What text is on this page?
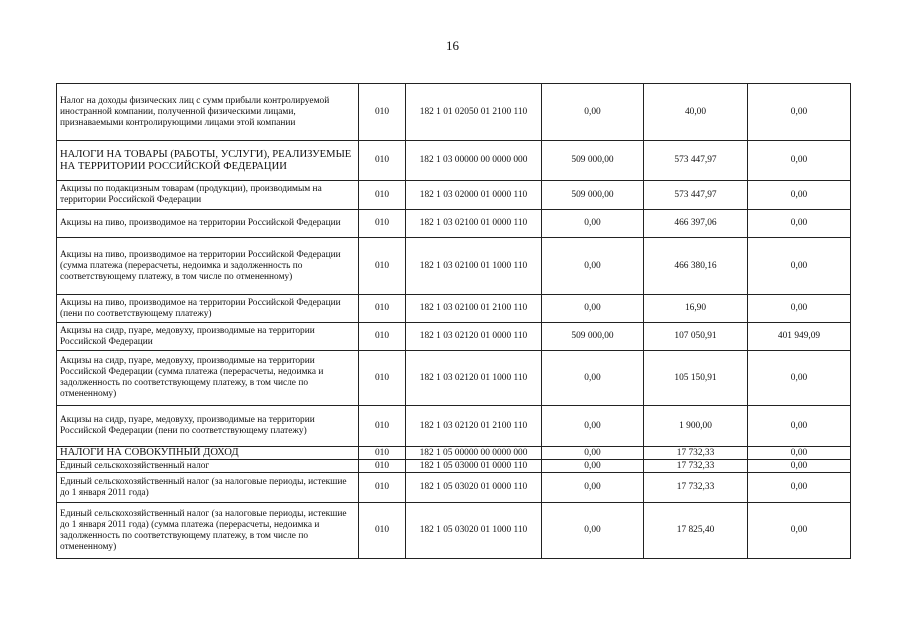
16
Налог на доходы физических лиц с сумм прибыли контролируемой иностранной компании, полученной физическими лицами, признаваемыми контролирующими лицами этой компании	010	182 1 01 02050 01 2100 110	0,00	40,00	0,00
НАЛОГИ НА ТОВАРЫ (РАБОТЫ, УСЛУГИ), РЕАЛИЗУЕМЫЕ НА ТЕРРИТОРИИ РОССИЙСКОЙ ФЕДЕРАЦИИ	010	182 1 03 00000 00 0000 000	509 000,00	573 447,97	0,00
Акцизы по подакцизным товарам (продукции), производимым на территории Российской Федерации	010	182 1 03 02000 01 0000 110	509 000,00	573 447,97	0,00
Акцизы на пиво, производимое на территории Российской Федерации	010	182 1 03 02100 01 0000 110	0,00	466 397,06	0,00
Акцизы на пиво, производимое на территории Российской Федерации (сумма платежа (перерасчеты, недоимка и задолженность по соответствующему платежу, в том числе по отмененному)	010	182 1 03 02100 01 1000 110	0,00	466 380,16	0,00
Акцизы на пиво, производимое на территории Российской Федерации (пени по соответствующему платежу)	010	182 1 03 02100 01 2100 110	0,00	16,90	0,00
Акцизы на сидр, пуаре, медовуху, производимые на территории Российской Федерации	010	182 1 03 02120 01 0000 110	509 000,00	107 050,91	401 949,09
Акцизы на сидр, пуаре, медовуху, производимые на территории Российской Федерации (сумма платежа (перерасчеты, недоимка и задолженность по соответствующему платежу, в том числе по отмененному)	010	182 1 03 02120 01 1000 110	0,00	105 150,91	0,00
Акцизы на сидр, пуаре, медовуху, производимые на территории Российской Федерации (пени по соответствующему платежу)	010	182 1 03 02120 01 2100 110	0,00	1 900,00	0,00
НАЛОГИ НА СОВОКУПНЫЙ ДОХОД	010	182 1 05 00000 00 0000 000	0,00	17 732,33	0,00
Единый сельскохозяйственный налог	010	182 1 05 03000 01 0000 110	0,00	17 732,33	0,00
Единый сельскохозяйственный налог (за налоговые периоды, истекшие до 1 января 2011 года)	010	182 1 05 03020 01 0000 110	0,00	17 732,33	0,00
Единый сельскохозяйственный налог (за налоговые периоды, истекшие до 1 января 2011 года) (сумма платежа (перерасчеты, недоимка и задолженность по соответствующему платежу, в том числе по отмененному)	010	182 1 05 03020 01 1000 110	0,00	17 825,40	0,00
